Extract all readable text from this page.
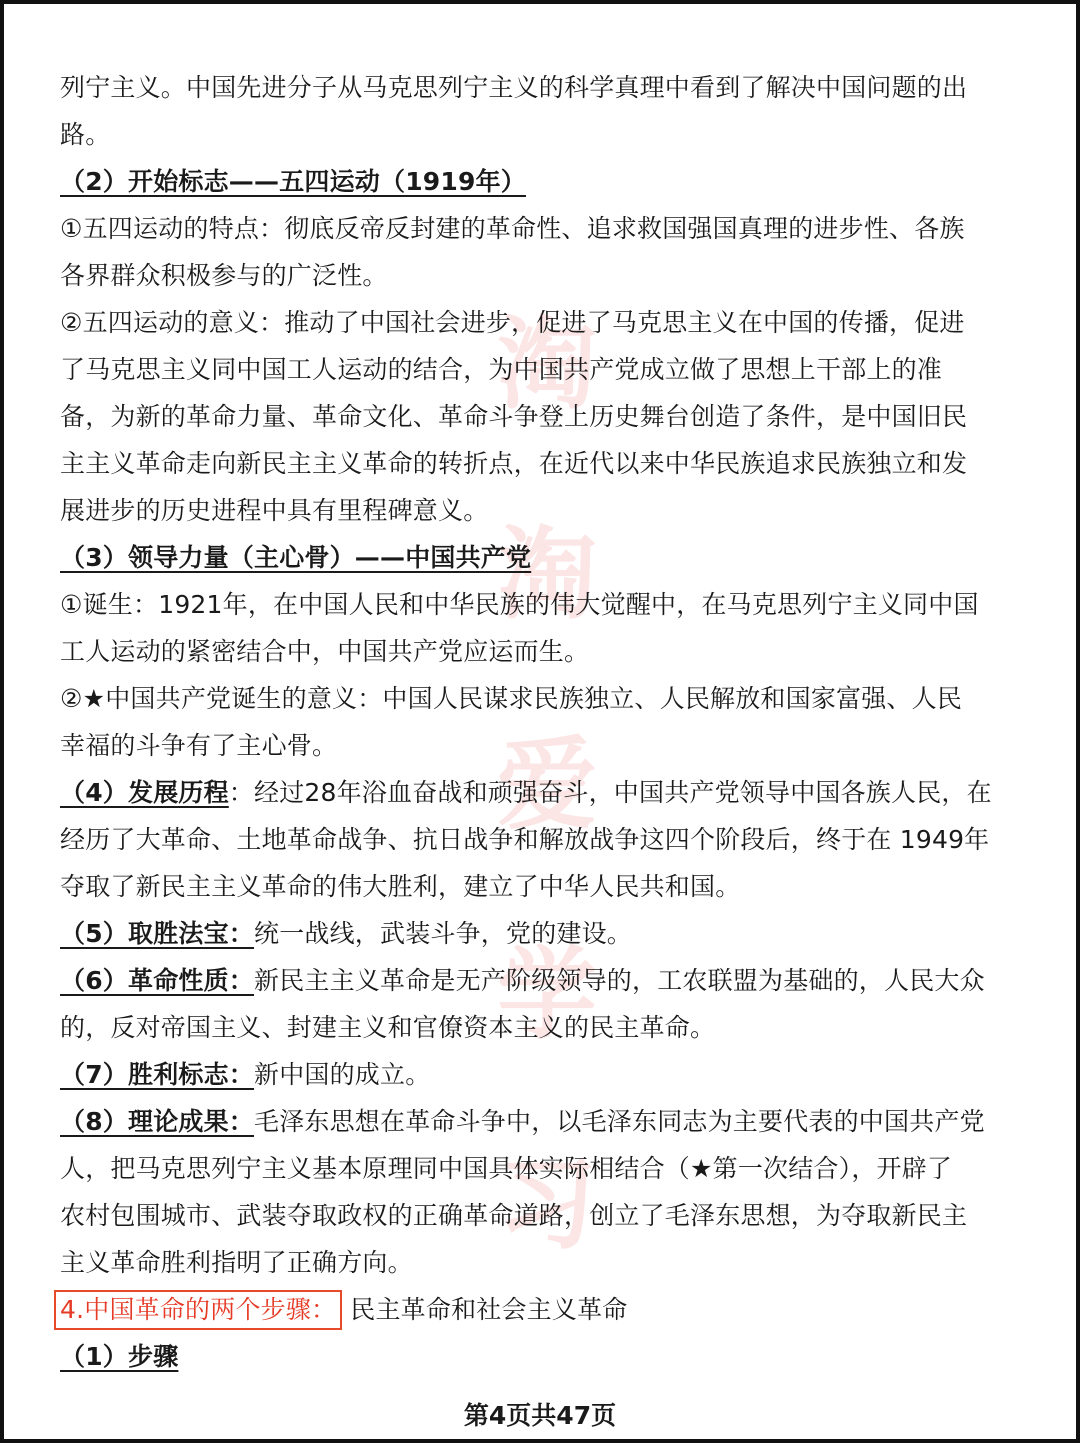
淘
淘
爱
学
习
列宁主义。中国先进分子从马克思列宁主义的科学真理中看到了解决中国问题的出
路。
（2）开始标志——五四运动（1919年）
①五四运动的特点：彻底反帝反封建的革命性、追求救国强国真理的进步性、各族
各界群众积极参与的广泛性。
②五四运动的意义：推动了中国社会进步，促进了马克思主义在中国的传播，促进
了马克思主义同中国工人运动的结合，为中国共产党成立做了思想上干部上的准
备，为新的革命力量、革命文化、革命斗争登上历史舞台创造了条件，是中国旧民
主主义革命走向新民主主义革命的转折点，在近代以来中华民族追求民族独立和发
展进步的历史进程中具有里程碑意义。
（3）领导力量（主心骨）——中国共产党
①诞生：1921年，在中国人民和中华民族的伟大觉醒中，在马克思列宁主义同中国
工人运动的紧密结合中，中国共产党应运而生。
②★中国共产党诞生的意义：中国人民谋求民族独立、人民解放和国家富强、人民
幸福的斗争有了主心骨。
（4）发展历程：经过28年浴血奋战和顽强奋斗，中国共产党领导中国各族人民，在
经历了大革命、土地革命战争、抗日战争和解放战争这四个阶段后，终于在 1949年
夺取了新民主主义革命的伟大胜利，建立了中华人民共和国。
（5）取胜法宝：统一战线，武装斗争，党的建设。
（6）革命性质：新民主主义革命是无产阶级领导的，工农联盟为基础的，人民大众
的，反对帝国主义、封建主义和官僚资本主义的民主革命。
（7）胜利标志：新中国的成立。
（8）理论成果：毛泽东思想在革命斗争中，以毛泽东同志为主要代表的中国共产党
人，把马克思列宁主义基本原理同中国具体实际相结合（★第一次结合），开辟了
农村包围城市、武装夺取政权的正确革命道路，创立了毛泽东思想，为夺取新民主
主义革命胜利指明了正确方向。
4.中国革命的两个步骤： 民主革命和社会主义革命
（1）步骤
第4页共47页
